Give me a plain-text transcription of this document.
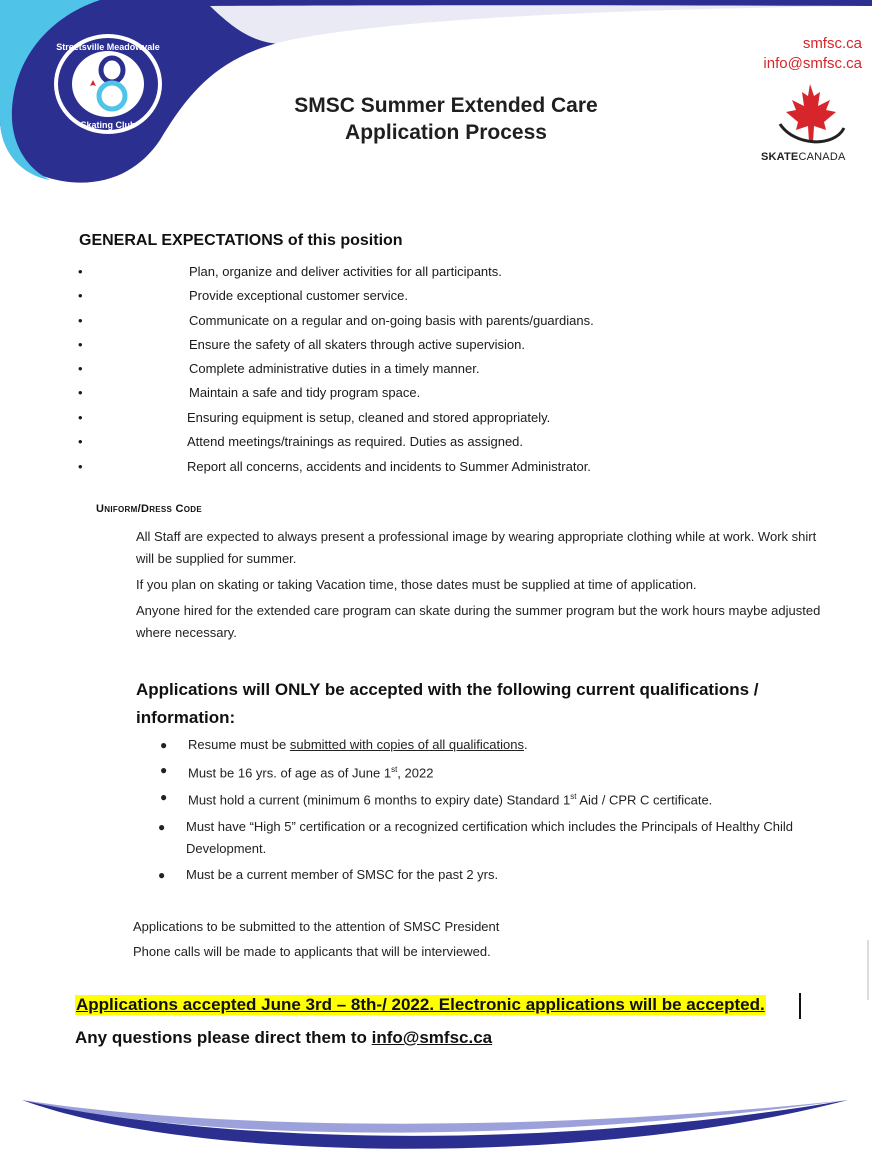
Streetsville Meadowvale
Skating Club
smfsc.ca
info@smfsc.ca
SKATECANADA
SMSC Summer Extended Care
Application Process
GENERAL EXPECTATIONS of this position
•	Plan, organize and deliver activities for all participants.
•	Provide exceptional customer service.
•	Communicate on a regular and on-going basis with parents/guardians.
•	Ensure the safety of all skaters through active supervision.
•	Complete administrative duties in a timely manner.
•	Maintain a safe and tidy program space.
•	Ensuring equipment is setup, cleaned and stored appropriately.
•	Attend meetings/trainings as required. Duties as assigned.
•	Report all concerns, accidents and incidents to Summer Administrator.
Uniform/Dress Code
All Staff are expected to always present a professional image by wearing appropriate clothing while at work. Work shirt will be supplied for summer.
If you plan on skating or taking Vacation time, those dates must be supplied at time of application.
Anyone hired for the extended care program can skate during the summer program but the work hours maybe adjusted where necessary.
Applications will ONLY be accepted with the following current qualifications / information:
● Resume must be submitted with copies of all qualifications.
● Must be 16 yrs. of age as of June 1st, 2022
● Must hold a current (minimum 6 months to expiry date) Standard 1st Aid / CPR C certificate.
● Must have “High 5” certification or a recognized certification which includes the Principals of Healthy Child Development.
● Must be a current member of SMSC for the past 2 yrs.
Applications to be submitted to the attention of SMSC President
Phone calls will be made to applicants that will be interviewed.
Applications accepted June 3rd – 8th-/ 2022. Electronic applications will be accepted.
Any questions please direct them to info@smfsc.ca
